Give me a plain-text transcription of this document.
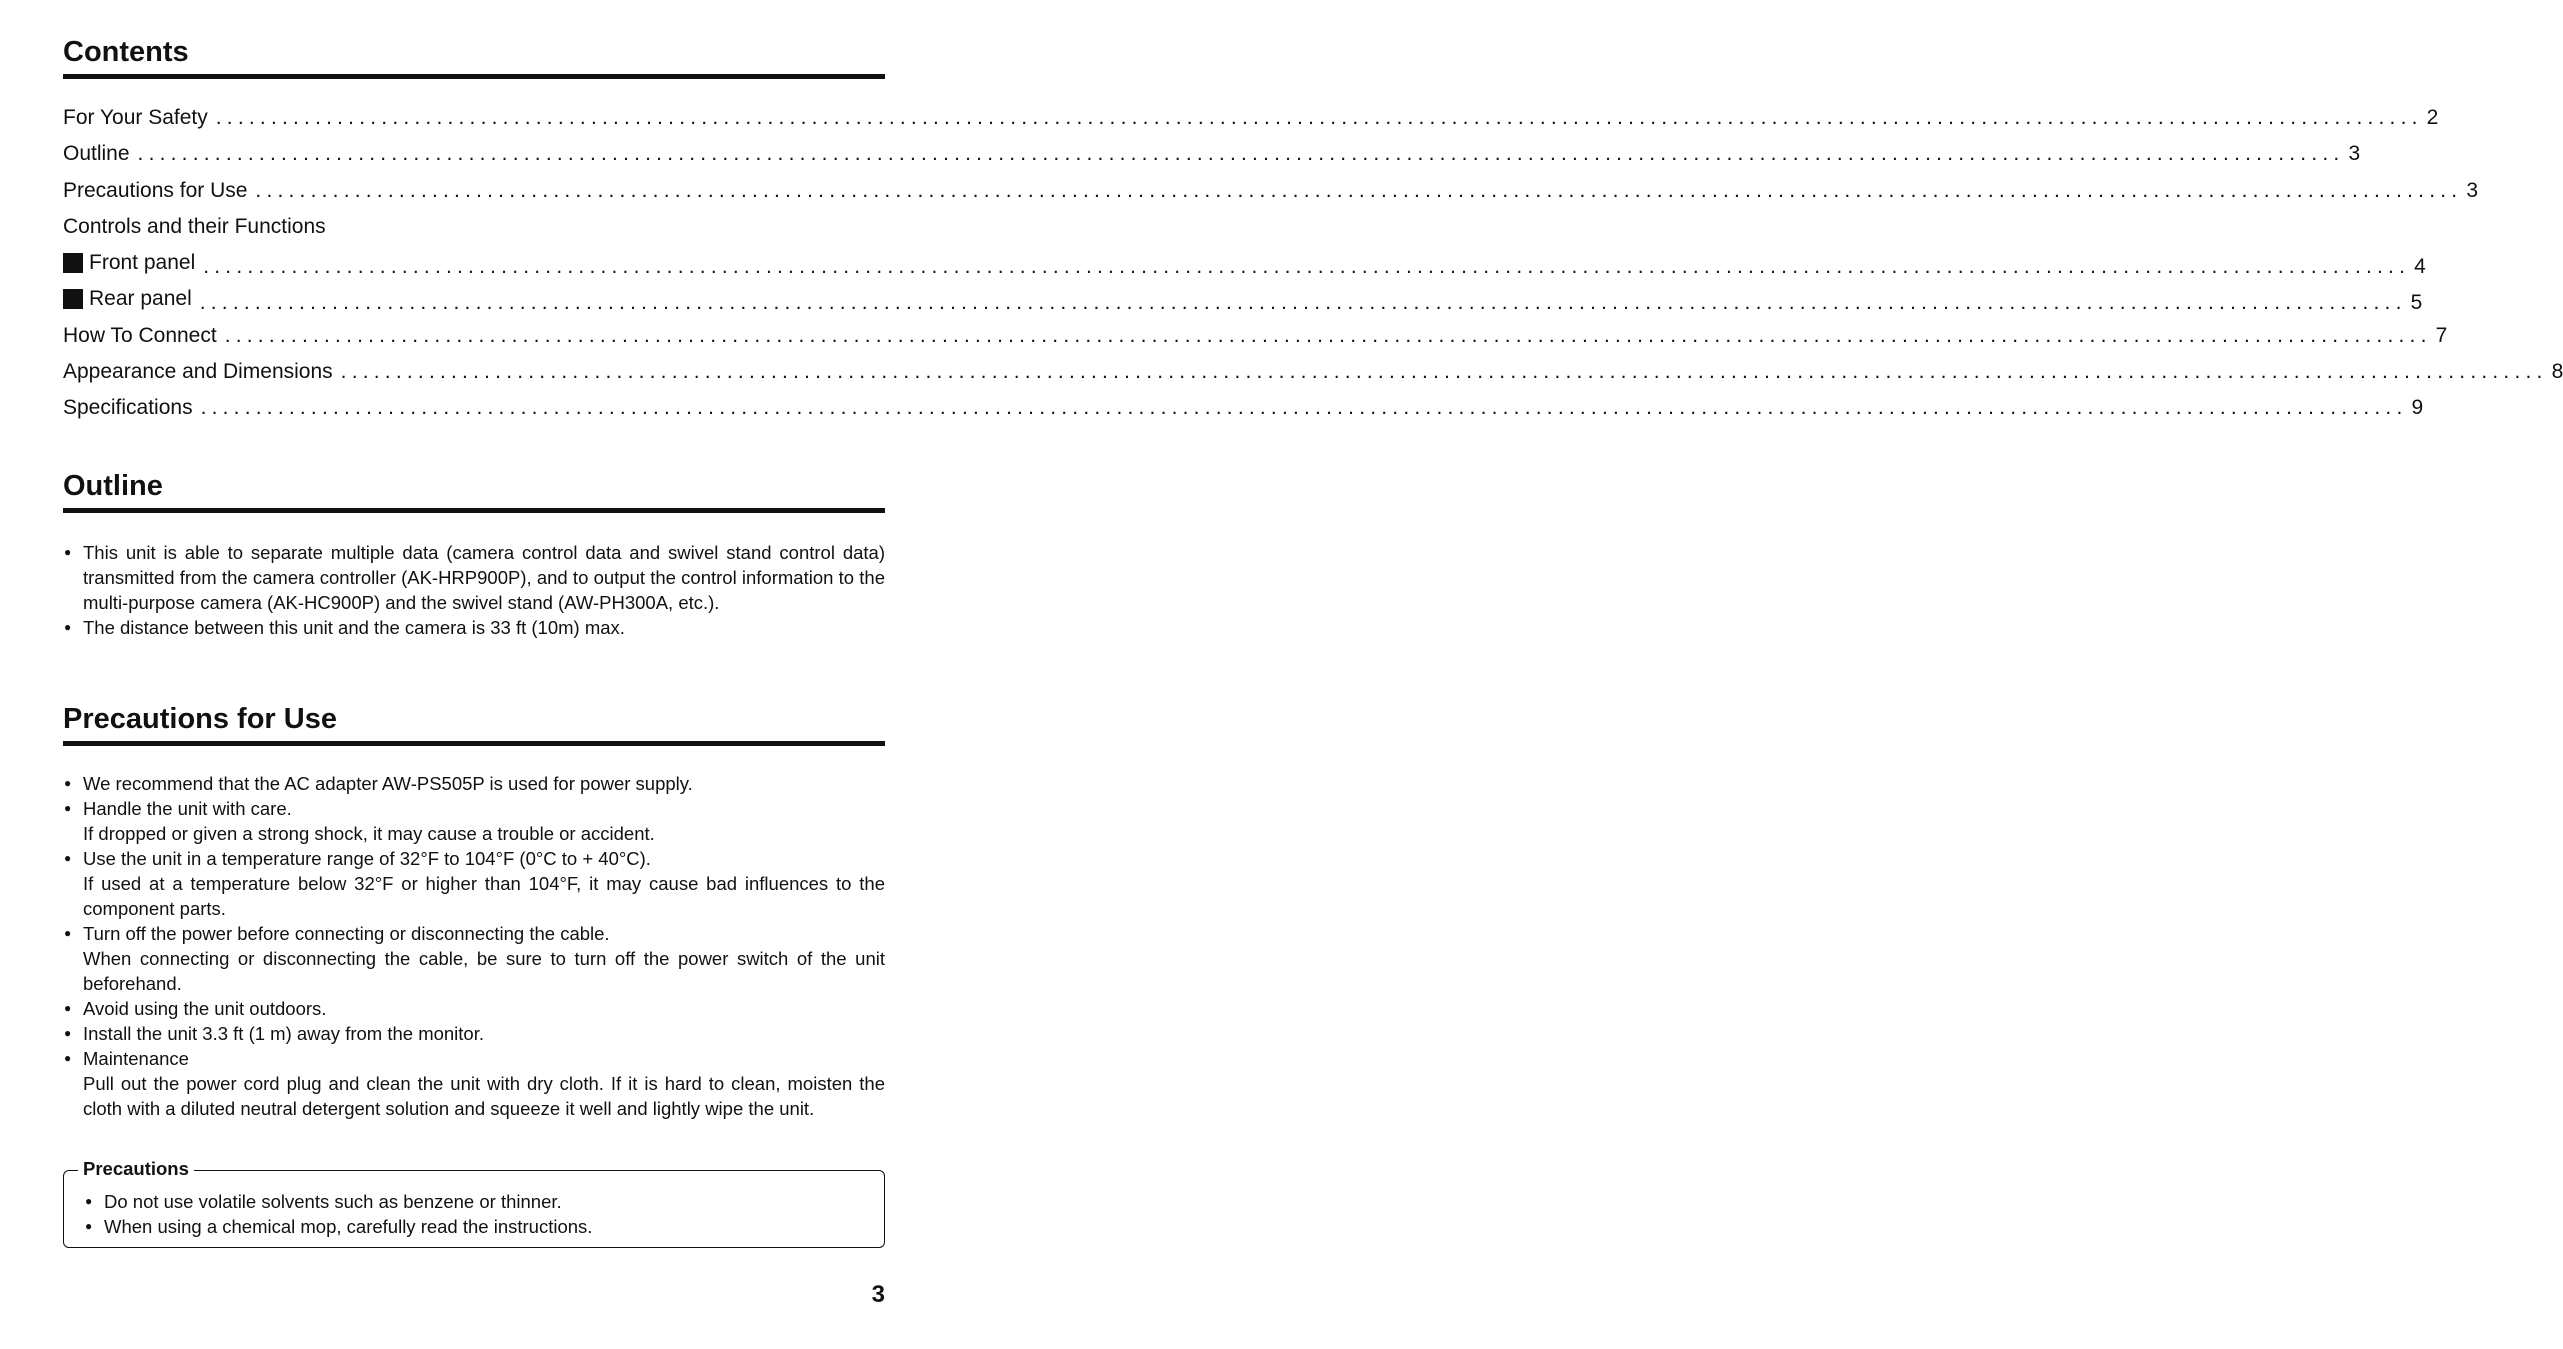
Contents
For Your Safety ........................................................................................................................................................................................................ 2
Outline ........................................................................................................................................................................................................ 3
Precautions for Use ........................................................................................................................................................................................................ 3
Controls and their Functions
Front panel ........................................................................................................................................................................................................ 4
Rear panel ........................................................................................................................................................................................................ 5
How To Connect ........................................................................................................................................................................................................ 7
Appearance and Dimensions ........................................................................................................................................................................................................ 8
Specifications ........................................................................................................................................................................................................ 9
Outline
● This unit is able to separate multiple data (camera control data and swivel stand control data) transmitted from the camera controller (AK-HRP900P), and to output the control information to the multi-purpose camera (AK-HC900P) and the swivel stand (AW-PH300A, etc.).
● The distance between this unit and the camera is 33 ft (10m) max.
Precautions for Use
● We recommend that the AC adapter AW-PS505P is used for power supply.
● Handle the unit with care.
If dropped or given a strong shock, it may cause a trouble or accident.
● Use the unit in a temperature range of 32°F to 104°F (0°C to + 40°C).
If used at a temperature below 32°F or higher than 104°F, it may cause bad influences to the component parts.
● Turn off the power before connecting or disconnecting the cable.
When connecting or disconnecting the cable, be sure to turn off the power switch of the unit beforehand.
● Avoid using the unit outdoors.
● Install the unit 3.3 ft (1 m) away from the monitor.
● Maintenance
Pull out the power cord plug and clean the unit with dry cloth. If it is hard to clean, moisten the cloth with a diluted neutral detergent solution and squeeze it well and lightly wipe the unit.
Precautions
● Do not use volatile solvents such as benzene or thinner.
● When using a chemical mop, carefully read the instructions.
3
